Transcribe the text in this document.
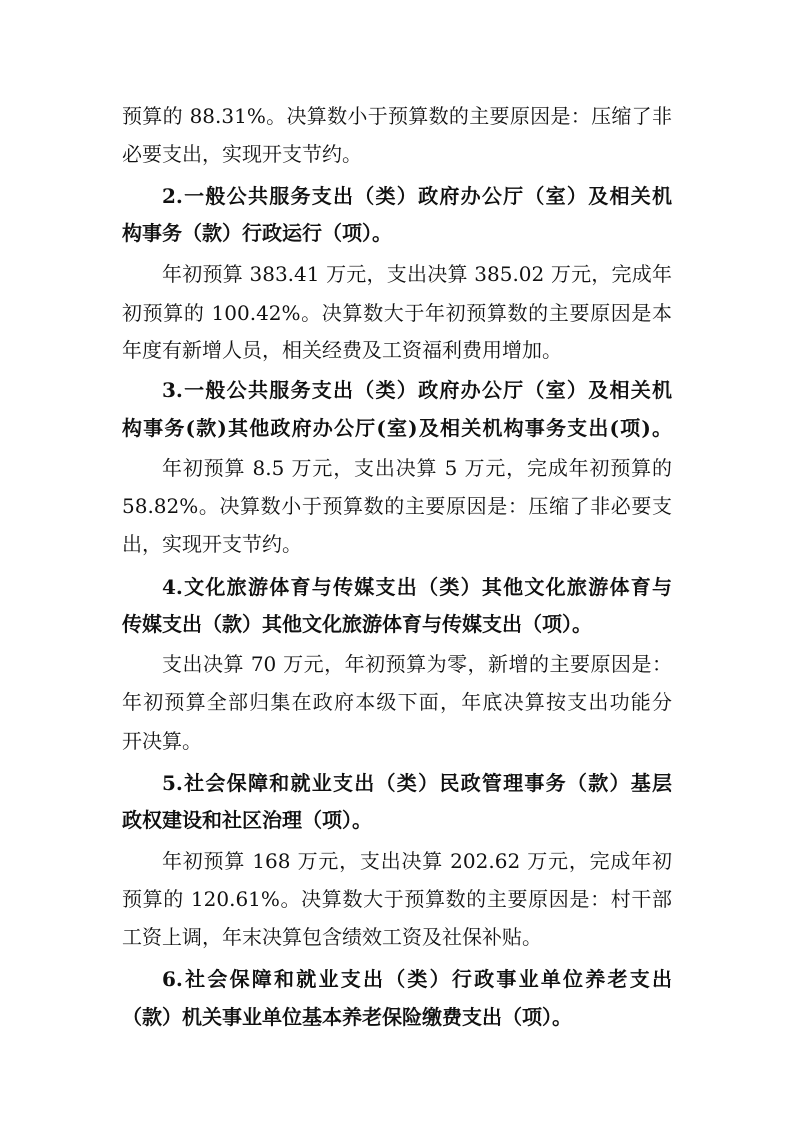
预算的 88.31%。决算数小于预算数的主要原因是：压缩了非
必要支出，实现开支节约。
2.一般公共服务支出（类）政府办公厅（室）及相关机
构事务（款）行政运行（项）。
年初预算 383.41 万元，支出决算 385.02 万元，完成年
初预算的 100.42%。决算数大于年初预算数的主要原因是本
年度有新增人员，相关经费及工资福利费用增加。
3.一般公共服务支出（类）政府办公厅（室）及相关机
构事务(款)其他政府办公厅(室)及相关机构事务支出(项)。
年初预算 8.5 万元，支出决算 5 万元，完成年初预算的
58.82%。决算数小于预算数的主要原因是：压缩了非必要支
出，实现开支节约。
4.文化旅游体育与传媒支出（类）其他文化旅游体育与
传媒支出（款）其他文化旅游体育与传媒支出（项）。
支出决算 70 万元，年初预算为零，新增的主要原因是：
年初预算全部归集在政府本级下面，年底决算按支出功能分
开决算。
5.社会保障和就业支出（类）民政管理事务（款）基层
政权建设和社区治理（项）。
年初预算 168 万元，支出决算 202.62 万元，完成年初
预算的 120.61%。决算数大于预算数的主要原因是：村干部
工资上调，年末决算包含绩效工资及社保补贴。
6.社会保障和就业支出（类）行政事业单位养老支出
（款）机关事业单位基本养老保险缴费支出（项）。
